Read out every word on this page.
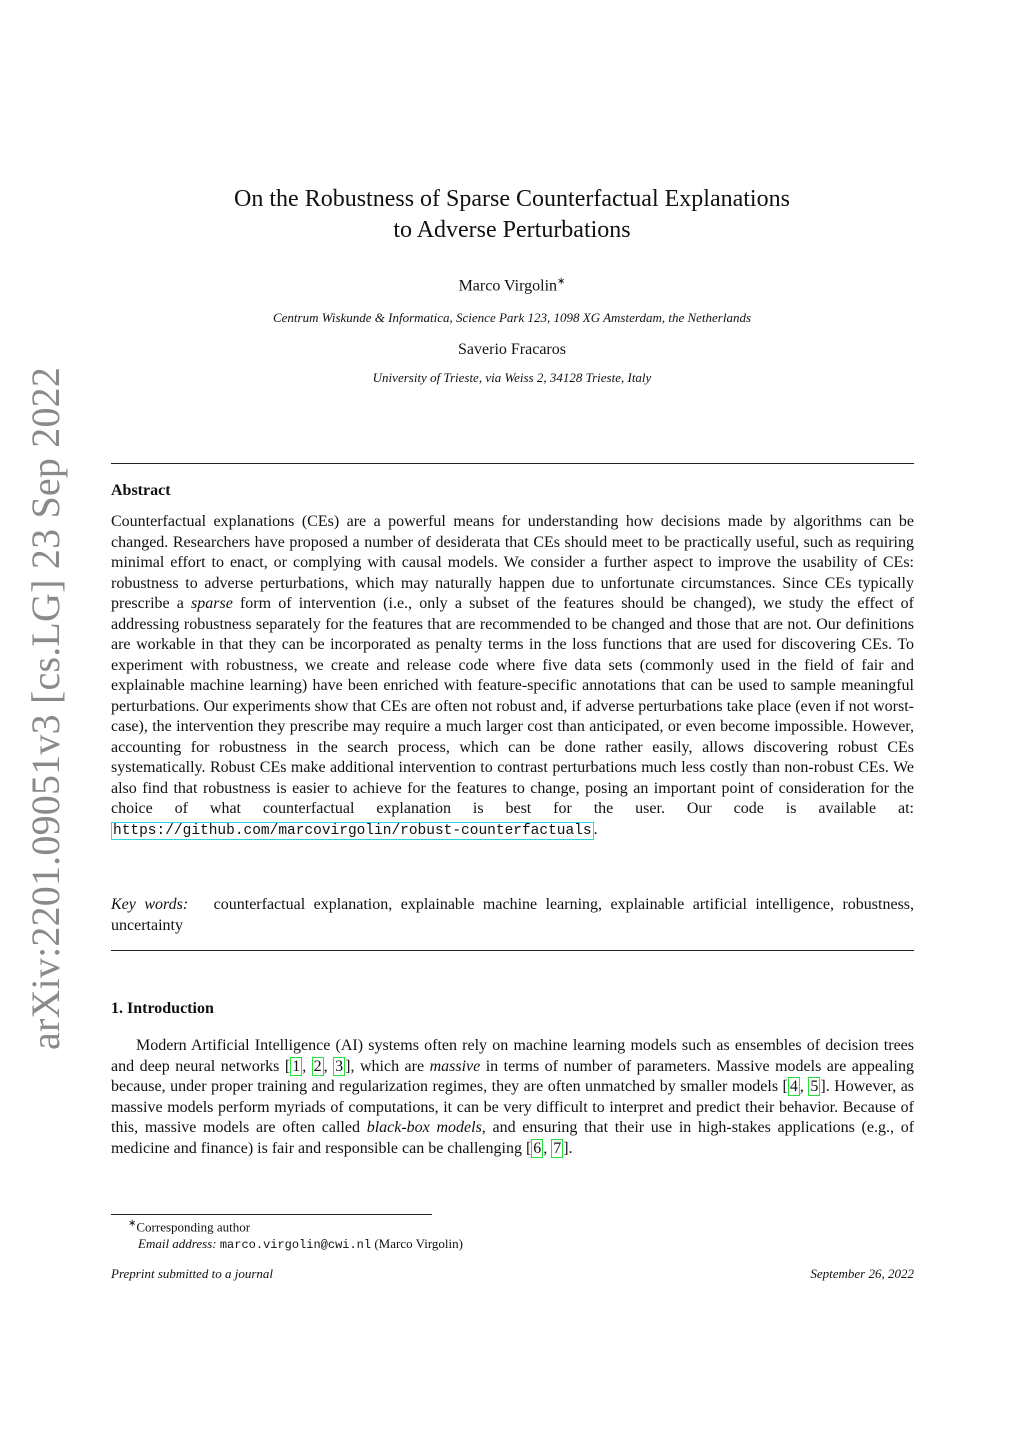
arXiv:2201.09051v3 [cs.LG] 23 Sep 2022
On the Robustness of Sparse Counterfactual Explanations
to Adverse Perturbations
Marco Virgolin∗
Centrum Wiskunde & Informatica, Science Park 123, 1098 XG Amsterdam, the Netherlands
Saverio Fracaros
University of Trieste, via Weiss 2, 34128 Trieste, Italy
Abstract
Counterfactual explanations (CEs) are a powerful means for understanding how decisions made by algorithms can be changed. Researchers have proposed a number of desiderata that CEs should meet to be practically useful, such as requiring minimal effort to enact, or complying with causal models. We consider a further aspect to improve the usability of CEs: robustness to adverse perturbations, which may naturally happen due to unfortunate circumstances. Since CEs typically prescribe a sparse form of intervention (i.e., only a subset of the features should be changed), we study the effect of addressing robustness separately for the features that are recommended to be changed and those that are not. Our definitions are workable in that they can be incorporated as penalty terms in the loss functions that are used for discovering CEs. To experiment with robustness, we create and release code where five data sets (commonly used in the field of fair and explainable machine learning) have been enriched with feature-specific annotations that can be used to sample meaningful perturbations. Our experiments show that CEs are often not robust and, if adverse perturbations take place (even if not worst-case), the intervention they prescribe may require a much larger cost than anticipated, or even become impossible. However, accounting for robustness in the search process, which can be done rather easily, allows discovering robust CEs systematically. Robust CEs make additional intervention to contrast perturbations much less costly than non-robust CEs. We also find that robustness is easier to achieve for the features to change, posing an important point of consideration for the choice of what counterfactual explanation is best for the user. Our code is available at: https://github.com/marcovirgolin/robust-counterfactuals .
Key words: counterfactual explanation, explainable machine learning, explainable artificial intelligence, robustness, uncertainty
1. Introduction
Modern Artificial Intelligence (AI) systems often rely on machine learning models such as ensembles of decision trees and deep neural networks [ 1 , 2 , 3 ], which are massive in terms of number of parameters. Massive models are appealing because, under proper training and regularization regimes, they are often unmatched by smaller models [ 4 , 5 ]. However, as massive models perform myriads of computations, it can be very difficult to interpret and predict their behavior. Because of this, massive models are often called black-box models, and ensuring that their use in high-stakes applications (e.g., of medicine and finance) is fair and responsible can be challenging [ 6 , 7 ].
∗Corresponding author
Email address: marco.virgolin@cwi.nl (Marco Virgolin)
Preprint submitted to a journal	September 26, 2022
